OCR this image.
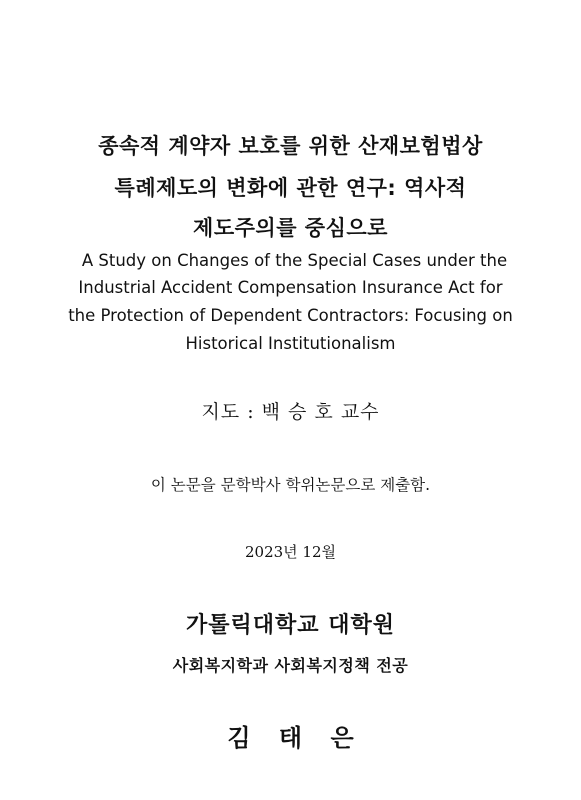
종속적 계약자 보호를 위한 산재보험법상
특례제도의 변화에 관한 연구: 역사적
제도주의를 중심으로
A Study on Changes of the Special Cases under the
Industrial Accident Compensation Insurance Act for
the Protection of Dependent Contractors: Focusing on
Historical Institutionalism
지도 : 백 승 호 교수
이 논문을 문학박사 학위논문으로 제출함.
2023년 12월
가톨릭대학교 대학원
사회복지학과 사회복지정책 전공
김 태 은
